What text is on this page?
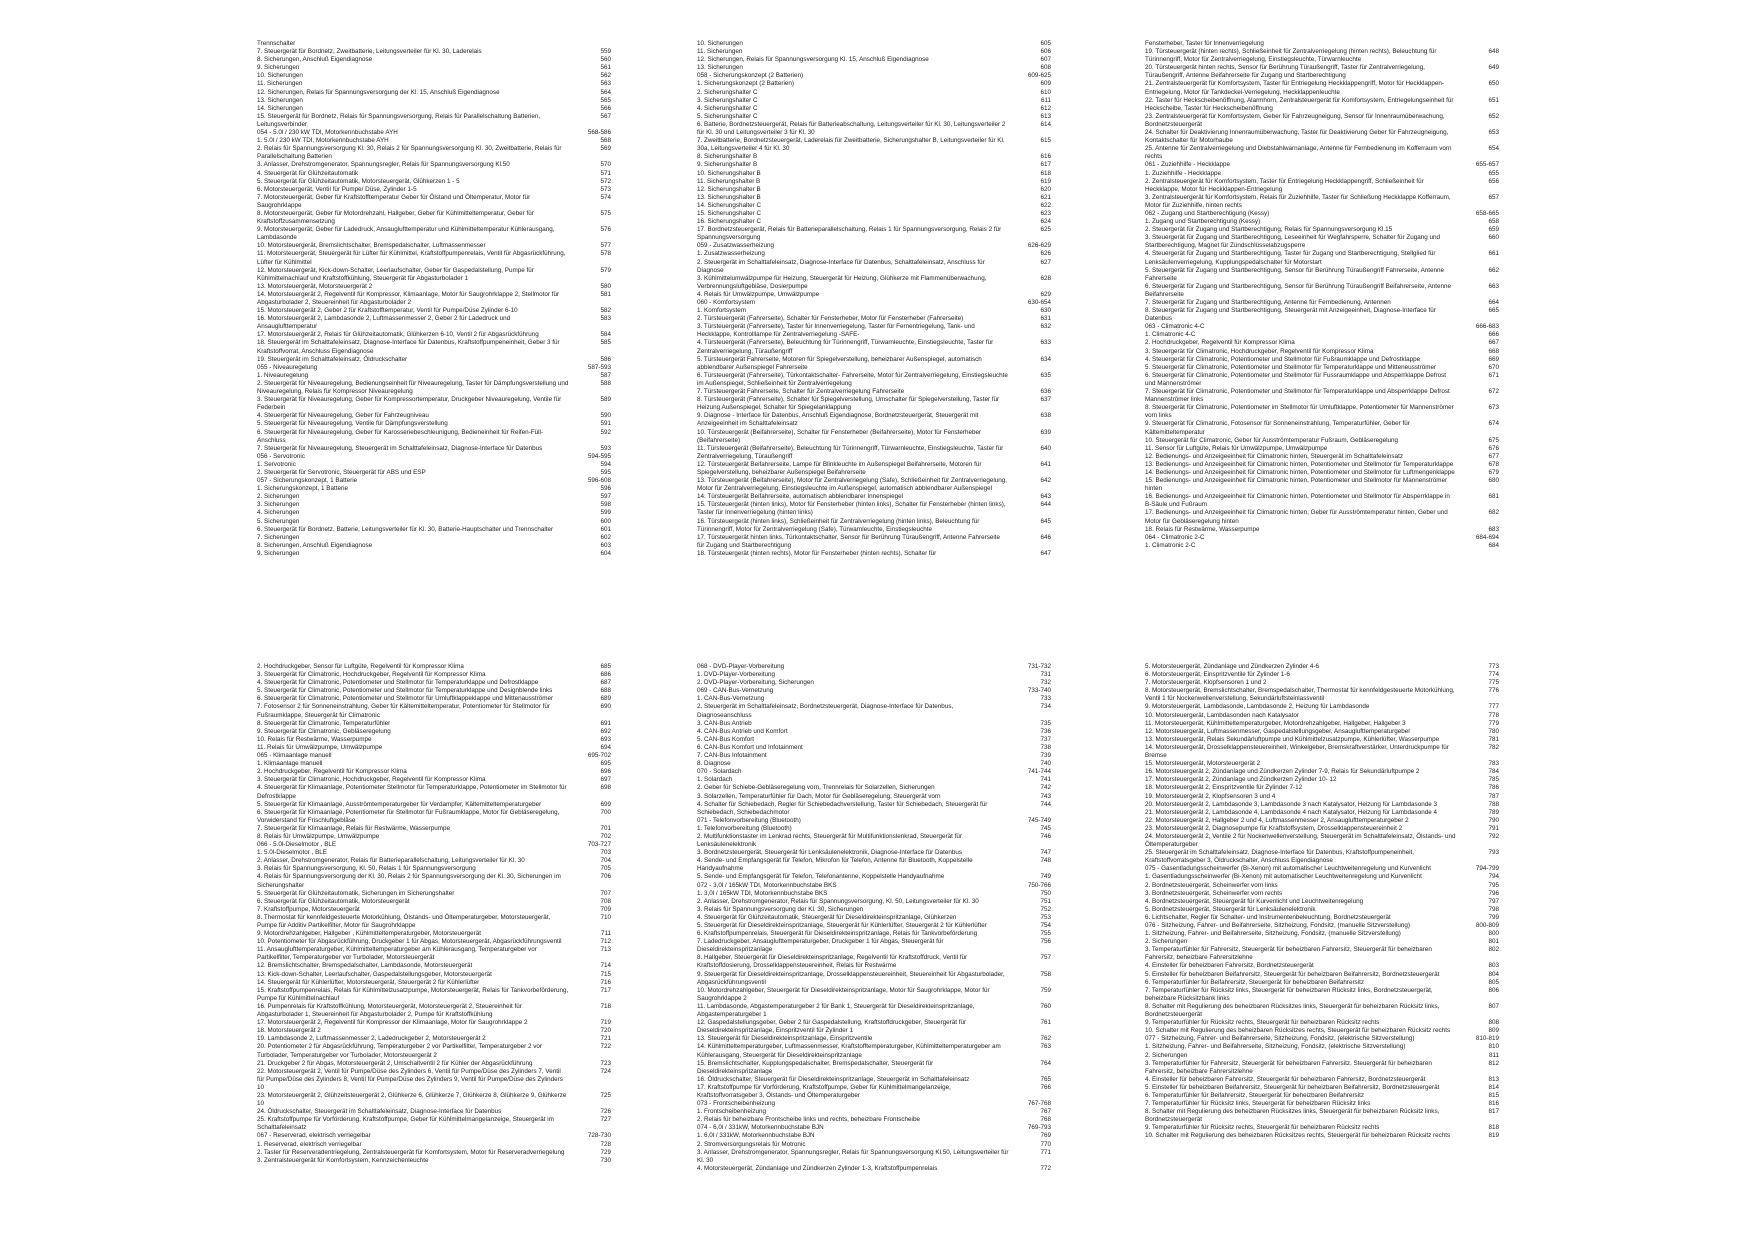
Trennschalter
7. Steuergerät für Bordnetz, Zweitbatterie, Leitungsverteiler für Kl. 30, Laderelais	559
8. Sicherungen, Anschluß Eigendiagnose	560
9. Sicherungen	561
10. Sicherungen	562
11. Sicherungen	563
12. Sicherungen, Relais für Spannungsversorgung der Kl. 15, Anschluß Eigendiagnose	564
13. Sicherungen	565
14. Sicherungen	566
15. Steuergerät für Bordnetz, Relais für Spannungsversorgung, Relais für Parallelschaltung Batterien, Leitungsverbinder
567
054 - 5.0l / 230 kW TDI, Motorkennbuchstabe AYH	568-586
1. 5.0l / 230 kW TDI, Motorkennbuchstabe AYH	568
2. Relais für Spannungsversorgung Kl. 30, Relais 2 für Spannungsversorgung Kl. 30, Zweitbatterie, Relais für Parallelschaltung Batterien
569
3. Anlasser, Drehstromgenerator, Spannungsregler, Relais für Spannungsversorgung Kl.50	570
4. Steuergerät für Glühzeitautomatik	571
5. Steuergerät für Glühzeitautomatik, Motorsteuergerät, Glühkerzen 1 - 5	572
6. Motorsteuergerät, Ventil für Pumpe/ Düse, Zylinder 1-5	573
7. Motorsteuergerät, Geber für Kraftstofftemperatur Geber für Ölstand und Öltemperatur, Motor für Saugrohrklappe
574
8. Motorsteuergerät, Geber für Motordrehzahl, Hallgeber, Geber für Kühlmitteltemperatur, Geber für Kraftstoffzusammensetzung
575
9. Motorsteuergerät, Geber für Ladedruck, Ansauglufttemperatur und Kühlmitteltemperatur Kühlerausgang, Lambdasonde
576
10. Motorsteuergerät, Bremslichtschalter, Bremspedalschalter, Luftmassenmesser	577
11. Motorsteuergerät, Steuergerät für Lüfter für Kühlmittel, Kraftstoffpumpenrelais, Ventil für Abgasrückführung, Lüfter für Kühlmittel
578
12. Motorsteuergerät, Kick-down-Schalter, Leerlaufschalter, Geber für Gaspedalstellung, Pumpe für Kühlmittelnachlauf und Kraftstoffkühlung, Steuergerät für Abgasturbolader 1
579
13. Motorsteuergerät, Motorsteuergerät 2	580
14. Motorsteuergerät 2, Regelventil für Kompressor, Klimaanlage, Motor für Saugrohrklappe 2, Stellmotor für Abgasturbolader 2, Steuereinheit für Abgasturbolader 2
581
15. Motorsteuergerät 2, Geber 2 für Kraftstofftemperatur, Ventil für Pumpe/Düse Zylinder 6-10	582
16. Motorsteuergerät 2, Lambdasonde 2, Luftmassenmesser 2, Geber 2 für Ladedruck und Ansauglufttemperatur
583
17. Motorsteuergerät 2, Relais für Glühzeitautomatik, Glühkerzen 6-10, Ventil 2 für Abgasrückführung	584
18. Steuergerät im Schalttafeleinsatz, Diagnose-Interface für Datenbus, Kraftstoffpumpeneinheit, Geber 3 für Kraftstoffvorrat, Anschluss Eigendiagnose
585
19. Steuergerät im Schalttafeleinsatz, Öldruckschalter	586
055 - Niveauregelung	587-593
1. Niveauregelung	587
2. Steuergerät für Niveauregelung, Bedienungseinheit für Niveauregelung, Taster für Dämpfungsverstellung und Niveauregelung, Relais für Kompressor Niveauregelung
588
3. Steuergerät für Niveauregelung, Geber für Kompressortemperatur, Druckgeber Niveauregelung, Ventile für Federbein
589
4. Steuergerät für Niveauregelung, Geber für Fahrzeugniveau	590
5. Steuergerät für Niveauregelung, Ventile für Dämpfungsverstellung	591
6. Steuergerät für Niveauregelung, Geber für Karosseriebeschleunigung, Bedieneinheit für Reifen-Füll-Anschluss
592
7. Steuergerät für Niveauregelung, Steuergerät im Schalttafeleinsatz, Diagnose-Interface für Datenbus	593
056 - Servotronic	594-595
1. Servotronic	594
2. Steuergerät für Servotronic, Steuergerät für ABS und ESP	595
057 - Sicherungskonzept, 1 Batterie	596-608
1. Sicherungskonzept, 1 Batterie	596
2. Sicherungen	597
3. Sicherungen	598
4. Sicherungen	599
5. Sicherungen	600
6. Steuergerät für Bordnetz, Batterie, Leitungsverteiler für Kl. 30, Batterie-Hauptschalter und Trennschalter	601
7. Sicherungen	602
8. Sicherungen, Anschluß Eigendiagnose	603
9. Sicherungen	604
10. Sicherungen	605
11. Sicherungen	606
12. Sicherungen, Relais für Spannungsversorgung Kl. 15, Anschluß Eigendiagnose	607
13. Sicherungen	608
058 - Sicherungskonzept (2 Batterien)	609-625
1. Sicherungskonzept (2 Batterien)	609
2. Sicherungshalter C	610
3. Sicherungshalter C	611
4. Sicherungshalter C	612
5. Sicherungshalter C	613
6. Batterie, Bordnetzsteuergerät, Relais für Batterieabschaltung, Leitungsverteiler für Kl. 30, Leitungsverteiler 2 für Kl. 30 und Leitungsverteiler 3 für Kl. 30
614
7. Zweitbatterie, Bordnetzsteuergerät, Laderelais für Zweitbatterie, Sicherungshalter B, Leitungsverteiler für Kl. 30a, Leitungsverteiler 4 für Kl. 30
615
8. Sicherungshalter B	616
9. Sicherungshalter B	617
10. Sicherungshalter B	618
11. Sicherungshalter B	619
12. Sicherungshalter B	620
13. Sicherungshalter B	621
14. Sicherungshalter C	622
15. Sicherungshalter C	623
16. Sicherungshalter C	624
17. Bordnetzsteuergerät, Relais für Batterieparallelschaltung, Relais 1 für Spannungsversorgung, Relais 2 für Spannungsversorgung
625
059 - Zusatzwasserheizung	626-629
1. Zusatzwasserheizung	626
2. Steuergerät im Schalttafeleinsatz, Diagnose-Interface für Datenbus, Schalttafeleinsatz, Anschluss für Diagnose
627
3. Kühlmittelumwälzpumpe für Heizung, Steuergerät für Heizung, Glühkerze mit Flammenüberwachung, Verbrennungsluftgebläse, Dosierpumpe
628
4. Relais für Umwälzpumpe, Umwälzpumpe	629
060 - Komfortsystem	630-654
1. Komfortsystem	630
2. Türsteuergerät (Fahrerseite), Schalter für Fensterheber, Motor für Fensterheber (Fahrerseite)	631
3. Türsteuergerät (Fahrerseite), Taster für Innenverriegelung, Taster für Fernentriegelung, Tank- und Heckklappe, Kontrolllampe für Zentralverriegelung -SAFE-
632
4. Türsteuergerät (Fahrerseite), Beleuchtung für Türinnengriff, Türwarnleuchte, Einstiegsleuchte, Taster für Zentralverriegelung, Türaußengriff
633
5. Türsteuergerät Fahrerseite, Motoren für Spiegelverstellung, beheizbarer Außenspiegel, automatisch abblendbarer Außenspiegel Fahrerseite
634
6. Türsteuergerät (Fahrerseite), Türkontaktschalter- Fahrerseite, Motor für Zentralverriegelung, Einstiegsleuchte im Außenspiegel, Schließeinheit für Zentralverriegelung
635
7. Türsteuergerät Fahrerseite, Schalter für Zentralverriegelung Fahrerseite	636
8. Türsteuergerät (Fahrerseite), Schalter für Spiegelverstellung, Umschalter für Spiegelverstellung, Taster für Heizung Außenspiegel, Schalter für Spiegelanklappung
637
9. Diagnose - Interface für Datenbus, Anschluß Eigendiagnose, Bordnetzsteuergerät, Steuergerät mit Anzeigeeinheit im Schalttafeleinsatz
638
10. Türsteuergerät (Beifahrerseite), Schalter für Fensterheber (Beifahrerseite), Motor für Fensterheber (Beifahrerseite)
639
11. Türsteuergerät (Beifahrerseite), Beleuchtung für Türinnengriff, Türwarnleuchte, Einstiegsleuchte, Taster für Zentralverriegelung, Türaußengriff
640
12. Türsteuergerät Beifahrerseite, Lampe für Blinkleuchte im Außenspiegel Beifahrerseite, Motoren für Spiegelverstellung, beheizbarer Außenspiegel Beifahrerseite
641
13. Türsteuergerät (Beifahrerseite), Motor für Zentralverriegelung (Safe), Schließeinheit für Zentralverriegelung, Motor für Zentralverriegelung, Einstiegsleuchte im Außenspiegel, automatisch abblendbarer Außenspiegel
642
14. Türsteuergerät Beifahrerseite, automatisch abblendbarer Innenspiegel	643
15. Türsteuergerät (hinten links), Motor für Fensterheber (hinten links), Schalter für Fensterheber (hinten links), Taster für Innenverriegelung (hinten links)
644
16. Türsteuergerät (hinten links), Schließeinheit für Zentralverriegelung (hinten links), Beleuchtung für Türinnengriff, Motor für Zentralverriegelung (Safe), Türwarnleuchte, Einstiegsleuchte
645
17. Türsteuergerät hinten links, Türkontaktschalter, Sensor für Berührung Türaußengriff, Antenne Fahrerseite für Zugang und Startberechtigung
646
18. Türsteuergerät (hinten rechts), Motor für Fensterheber (hinten rechts), Schalter für	647
Fensterheber, Taster für Innenverriegelung
19. Türsteuergerät (hinten rechts), Schließeinheit für Zentralverriegelung (hinten rechts), Beleuchtung für Türinnengriff, Motor für Zentralverriegelung, Einstiegsleuchte, Türwarnleuchte
648
20. Türsteuergerät hinten rechts, Sensor für Berührung Türaußengriff, Taster für Zentralverriegelung, Türaußengriff, Antenne Beifahrerseite für Zugang und Startberechtigung
649
21. Zentralsteuergerät für Komfortsystem, Taster für Entriegelung Heckklappengriff, Motor für Heckklappen-Entriegelung, Motor für Tankdeckel-Verriegelung, Heckklappenleuchte
650
22. Taster für Heckscheibenöffnung, Alarmhorn, Zentralsteuergerät für Komfortsystem, Entriegelungseinheit für Heckscheibe, Taster für Heckscheibenöffnung
651
23. Zentralsteuergerät für Komfortsystem, Geber für Fahrzeugneigung, Sensor für Innenraumüberwachung, Bordnetzsteuergerät
652
24. Schalter für Deaktivierung Innenraumüberwachung, Taster für Deaktivierung Geber für Fahrzeugneigung, Kontaktschalter für Motorhaube
653
25. Antenne für Zentralverriegelung und Diebstahlwarnanlage, Antenne für Fernbedienung im Kofferraum vorn rechts
654
061 - Zuziehhilfe - Heckklappe	655-657
1. Zuziehhilfe - Heckklappe	655
2. Zentralsteuergerät für Komfortsystem, Taster für Entriegelung Heckklappengriff, Schließeinheit für Heckklappe, Motor für Heckklappen-Entriegelung
656
3. Zentralsteuergerät für Komfortsystem, Relais für Zuziehhilfe, Taster für Schließung Heckklappe Kofferraum, Motor für Zuziehhilfe, hinten rechts
657
062 - Zugang und Startberechtigung (Kessy)	658-665
1. Zugang und Startberechtigung (Kessy)	658
2. Steuergerät für Zugang und Startberechtigung, Relais für Spannungsversorgung Kl.15	659
3. Steuergerät für Zugang und Startberechtigung, Leseeinheit für Wegfahrsperre, Schalter für Zugang und Startberechtigung, Magnet für Zündschlüsselabzugsperre
660
4. Steuergerät für Zugang und Startberechtigung, Taster für Zugang und Startberechtigung, Stellglied für Lenksäulenverriegelung, Kupplungspedalschalter für Motorstart
661
5. Steuergerät für Zugang und Startberechtigung, Sensor für Berührung Türaußengriff Fahrerseite, Antenne Fahrerseite
662
6. Steuergerät für Zugang und Startberechtigung, Sensor für Berührung Türaußengriff Beifahrerseite, Antenne Beifahrerseite
663
7. Steuergerät für Zugang und Startberechtigung, Antenne für Fernbedienung, Antennen	664
8. Steuergerät für Zugang und Startberechtigung, Steuergerät mit Anzeigeeinheit, Diagnose-Interface für Datenbus
665
063 - Climatronic 4-C	666-683
1. Climatronic 4-C	666
2. Hochdruckgeber, Regelventil für Kompressor Klima	667
3. Steuergerät für Climatronic, Hochdruckgeber, Regelventil für Kompressor Klima	668
4. Steuergerät für Climatronic, Potentiometer und Stellmotor für Fußraumklappe und Defrostklappe	669
5. Steuergerät für Climatronic, Potentiometer und Stellmotor für Temperaturklappe und Mitteneusströmer	670
6. Steuergerät für Climatronic, Potentiometer und Stellmotor für Fussraumklappe und Absperrklappe Defrost und Mannenströmer
671
7. Steuergerät für Climatronic, Potentiometer und Stellmotor für Temperaturklappe und Absperrklappe Defrost Mannenströmer links
672
8. Steuergerät für Climatronic, Potentiometer im Stellmotor für Umluftklappe, Potentiometer für Mannenströmer vorn links
673
9. Steuergerät für Climatronic, Fotosensor für Sonneneinstrahlung, Temperaturfühler, Geber für Kältemitteltemperatur
674
10. Steuergerät für Climatronic, Geber für Ausströmtemperatur Fußraum, Gebläseregelung	675
11. Sensor für Luftgüte, Relais für Umwälzpumpe, Umwälzpumpe	676
12. Bedienungs- und Anzeigeeinheit für Climatronic hinten, Steuergerät im Schalttafeleinsatz	677
13. Bedienungs- und Anzeigeeinheit für Climatronic hinten, Potentiometer und Stellmotor für Temperaturklappe	678
14. Bedienungs- und Anzeigeeinheit für Climatronic hinten, Potentiometer und Stellmotor für Luftmengenklappe	679
15. Bedienungs- und Anzeigeeinheit für Climatronic hinten, Potentiometer und Stellmotor für Mannenströmer hinten
680
16. Bedienungs- und Anzeigeeinheit für Climatronic hinten, Potentiometer und Stellmotor für Absperrklappe in B-Säule und Fußraum
681
17. Bedienungs- und Anzeigeeinheit für Climatronic hinten, Geber für Ausströmtemperatur hinten, Geber und Motor für Gebläseregelung hinten
682
18. Relais für Restwärme, Wasserpumpe	683
064 - Climatronic 2-C	684-694
1. Climatronic 2-C	684
2. Hochdruckgeber, Sensor für Luftgüte, Regelventil für Kompressor Klima	685
3. Steuergerät für Climatronic, Hochdruckgeber, Regelventil für Kompressor Klima	686
4. Steuergerät für Climatronic, Potentiometer und Stellmotor für Temperaturklappe und Defrostklappe	687
5. Steuergerät für Climatronic, Potentiometer und Stellmotor für Temperaturklappe und Designblende links	688
6. Steuergerät für Climatronic, Potentiometer und Stellmotor für Umluftklappeklappe und Mittenausströmer	689
7. Fotosensor 2 für Sonneneinstrahlung, Geber für Kältemitteltemperatur, Potentiometer für Stellmotor für Fußraumklappe, Steuergerät für Climatronic
690
8. Steuergerät für Climatronic, Temperaturfühler	691
9. Steuergerät für Climatronic, Gebläseregelung	692
10. Relais für Restwärme, Wasserpumpe	693
11. Relais für Umwälzpumpe, Umwälzpumpe	694
065 - Klimaanlage manuell	695-702
1. Klimaanlage manuell	695
2. Hochdruckgeber, Regelventil für Kompressor Klima	696
3. Steuergerät für Climatronic, Hochdruckgeber, Regelventil für Kompressor Klima	697
4. Steuergerät für Klimaanlage, Potentiometer Stellmotor für Temperaturklappe, Potentiometer im Stellmotor für Defrostklappe
698
5. Steuergerät für Klimaanlage, Ausströmtemperaturgeber für Verdampfer, Kältemitteltemperaturgeber	699
6. Steuergerät für Klimaanlage, Potentiometer für Stellmotor für Fußraumklappe, Motor für Gebläseregelung, Vorwiderstand für Frischluftgebläse
700
7. Steuergerät für Klimaanlage, Relais für Restwärme, Wasserpumpe	701
8. Relais für Umwälzpumpe, Umwälzpumpe	702
066 - 5.0l-Dieselmotor , BLE	703-727
1. 5.0l-Dieselmotor , BLE	703
2. Anlasser, Drehstromgenerator, Relais für Batterieparallelschaltung, Leitungsverteiler für Kl. 30	704
3. Relais für Spannungsversorgung, Kl. 50, Relais 1 für Spannungsversorgung	705
4. Relais für Spannungsversorgung der Kl. 30, Relais 2 für Spannungsversorgung der Kl. 30, Sicherungen im Sicherungshalter
706
5. Steuergerät für Glühzeitautomatik, Sicherungen im Sicherungshalter	707
6. Steuergerät für Glühzeitautomatik, Motorsteuergerät	708
7. Kraftstoffpumpe, Motorsteuergerät	709
8. Thermostat für kennfeldgesteuerte Motorkühlung, Ölstands- und Öltemperaturgeber, Motorsteuergerät, Pumpe für Additiv Partikelfilter, Motor für Saugrohrklappe
710
9. Motordrehzahlgeber, Hallgeber , Kühlmitteltemperaturgeber, Motorsteuergerät	711
10. Potentiometer für Abgasrückführung, Druckgeber 1 für Abgas, Motorsteuergerät, Abgasrückführungsventil	712
11. Ansauglufttemperaturgeber, Kühlmitteltemperaturgeber am Kühlerausgang, Temperaturgeber vor Partikelfilter, Temperaturgeber vor Turbolader, Motorsteuergerät
713
12. Bremslichtschalter, Bremspedalschalter, Lambdasonde, Motorsteuergerät	714
13. Kick-down-Schalter, Leerlaufschalter, Gaspedalstellungsgeber, Motorsteuergerät	715
14. Steuergerät für Kühlerlüfter, Motorsteuergerät, Steuergerät 2 für Kühlerlüfter	716
15. Kraftstoffpumpenrelais, Relais für Kühlmittelzusatzpumpe, Motorsteuergerät, Relais für Tankvorbeförderung, Pumpe für Kühlmittelnachlauf
717
16. Pumpenrelais für Kraftstoffkühlung, Motorsteuergerät, Motorsteuergerät 2, Steuereinheit für Abgasturbolader 1, Steuereinheit für Abgasturbolader 2, Pumpe für Kraftstoffkühlung
718
17. Motorsteuergerät 2, Regelventil für Kompressor der Klimaanlage, Motor für Saugrohrklappe 2	719
18. Motorsteuergerät 2	720
19. Lambdasonde 2, Luftmassenmesser 2, Ladedruckgeber 2, Motorsteuergerät 2	721
20. Potentiometer 2 für Abgasrückführung, Temperaturgeber 2 vor Partikelfilter, Temperaturgeber 2 vor Turbolader, Temperaturgeber vor Turbolader, Motorsteuergerät 2
722
21. Druckgeber 2 für Abgas, Motorsteuergerät 2, Umschaltventil 2 für Kühler der Abgasrückführung	723
22. Motorsteuergerät 2, Ventil für Pumpe/Düse des Zylinders 6, Ventil für Pumpe/Düse des Zylinders 7, Ventil für Pumpe/Düse des Zylinders 8, Ventil für Pumpe/Düse des Zylinders 9, Ventil für Pumpe/Düse des Zylinders 10
724
23. Motorsteuergerät 2, Glühzeitsteuergerät 2, Glühkerze 6, Glühkerze 7, Glühkerze 8, Glühkerze 9, Glühkerze 10
725
24. Öldruckschalter, Steuergerät im Schalttafeleinsatz, Diagnose-Interface für Datenbus	726
25. Kraftstoffpumpe für Vorförderung, Kraftstoffpumpe, Geber für Kühlmittelmangelanzeige, Steuergerät im Schalttafeleinsatz
727
067 - Reserverad, elektrisch verriegelbar	728-730
1. Reserverad, elektrisch verriegelbar	728
2. Taster für Reserveradentriegelung, Zentralsteuergerät für Komfortsystem, Motor für Reserveradverriegelung	729
3. Zentralsteuergerät für Komfortsystem, Kennzeichenleuchte	730
068 - DVD-Player-Vorbereitung	731-732
1. DVD-Player-Vorbereitung	731
2. DVD-Player-Vorbereitung, Sicherungen	732
069 - CAN-Bus-Vernetzung	733-740
1. CAN-Bus-Vernetzung	733
2. Steuergerät im Schalttafeleinsatz, Bordnetzsteuergerät, Diagnose-Interface für Datenbus, Diagnoseanschluss
734
3. CAN-Bus Antrieb	735
4. CAN-Bus Antrieb und Komfort	736
5. CAN-Bus Komfort	737
6. CAN-Bus Komfort und Infotainment	738
7. CAN-Bus Infotainment	739
8. Diagnose	740
070 - Solardach	741-744
1. Solardach	741
2. Geber für Schiebe-Gebläseregelung vorn, Trennrelais für Solarzellen, Sicherungen	742
3. Solarzellen, Temperaturfühler für Dach, Motor für Gebläseregelung, Steuergerät vorn	743
4. Schalter für Schiebedach, Regler für Schiebedachverstellung, Taster für Schiebedach, Steuergerät für Schiebedach, Schiebedachmotor
744
071 - Telefonvorbereitung (Bluetooth)	745-749
1. Telefonvorbereitung (Bluetooth)	745
2. Multifunktionstaster im Lenkrad rechts, Steuergerät für Multifunktionslenkrad, Steuergerät für Lenksäulenelektronik
746
3. Bordnetzsteuergerät, Steuergerät für Lenksäulenelektronik, Diagnose-Interface für Datenbus	747
4. Sende- und Empfangsgerät für Telefon, Mikrofon für Telefon, Antenne für Bluetooth, Koppelstelle Handyaufnahme
748
5. Sende- und Empfangsgerät für Telefon, Telefonantenne, Koppelstelle Handyaufnahme	749
072 - 3,0l / 165kW TDI, Motorkennbuchstabe BKS	750-766
1. 3,0l / 165kW TDI, Motorkennbuchstabe BKS	750
2. Anlasser, Drehstromgenerator, Relais für Spannungsversorgung, Kl. 50, Leitungsverteiler für Kl. 30	751
3. Relais für Spannungsversorgung der Kl. 30, Sicherungen	752
4. Steuergerät für Glühzeitautomatik, Steuergerät für Dieseldirekteinspritzanlage, Glühkerzen	753
5. Steuergerät für Dieseldirekteinspritzanlage, Steuergerät für Kühlerlüfter, Steuergerät 2 für Kühlerlüfter	754
6. Kraftstoffpumpenrelais, Steuergerät für Dieseldirekteinspritzanlage, Relais für Tankvorbeförderung	755
7. Ladedruckgeber, Ansauglufttemperaturgeber, Druckgeber 1 für Abgas, Steuergerät für Dieseldirekteinspritzanlage
756
8. Hallgeber, Steuergerät für Dieseldirekteinspritzanlage, Regelventil für Kraftstoffdruck, Ventil für Kraftstoffdosierung, Drosselklappensteuereinheit, Relais für Restwärme
757
9. Steuergerät für Dieseldirekteinspritzanlage, Drosselklappensteuereinheit, Steuereinheit für Abgasturbolader, Abgasrückführungsventil
758
10. Motordrehzahlgeber, Steuergerät für Dieseldirekteinspritzanlage, Motor für Saugrohrklappe, Motor für Saugrohrklappe 2
759
11. Lambdasonde, Abgastemperaturgeber 2 für Bank 1, Steuergerät für Dieseldirekteinspritzanlage, Abgastemperaturgeber 1
760
12. Gaspedalstellungsgeber, Geber 2 für Gaspedalstellung, Kraftstoffdruckgeber, Steuergerät für Dieseldirekteinspritzanlage, Einspritzventil für Zylinder 1
761
13. Steuergerät für Dieseldirekteinspritzanlage, Einspritzventile	762
14. Kühlmitteltemperaturgeber, Luftmassenmesser, Kraftstofftemperaturgeber, Kühlmitteltemperaturgeber am Kühlerausgang, Steuergerät für Dieseldirekteinspritzanlage
763
15. Bremslichtschalter, Kupplungspedalschalter, Bremspedalschalter, Steuergerät für Dieseldirekteinspritzanlage
764
16. Öldruckschalter, Steuergerät für Dieseldirekteinspritzanlage, Steuergerät im Schalttafeleinsatz	765
17. Kraftstoffpumpe für Vorförderung, Kraftstoffpumpe, Geber für Kühlmittelmangelanzeige, Kraftstoffvorratsgeber 3, Ölstands- und Öltemperaturgeber
766
073 - Frontscheibenheizung	767-768
1. Frontscheibenheizung	767
2. Relais für beheizbare Frontscheibe links und rechts, beheizbare Frontscheibe	768
074 - 6,0l / 331kW, Motorkennbuchstabe BJN	769-793
1. 6,0l / 331kW, Motorkennbuchstabe BJN	769
2. Stromversorgungsrelais für Motronic	770
3. Anlasser, Drehstromgenerator, Spannungsregler, Relais für Spannungsversorgung Kl.50, Leitungsverteiler für Kl. 30
771
4. Motorsteuergerät, Zündanlage und Zündkerzen Zylinder 1-3, Kraftstoffpumpenrelais	772
5. Motorsteuergerät, Zündanlage und Zündkerzen Zylinder 4-6	773
6. Motorsteuergerät, Einspritzventile für Zylinder 1-6	774
7. Motorsteuergerät, Klopfsensoren 1 und 2	775
8. Motorsteuergerät, Bremslichtschalter, Bremspedalschalter, Thermostat für kennfeldgesteuerte Motorkühlung, Ventil 1 für Nockenwellenverstellung, Sekundärluftsteinlassventil
776
9. Motorsteuergerät, Lambdasonde, Lambdasonde 2, Heizung für Lambdasonde	777
10. Motorsteuergerät, Lambdasonden nach Katalysator	778
11. Motorsteuergerät, Kühlmitteltemperaturgeber, Motordrehzahlgeber, Hallgeber, Hallgeber 3	779
12. Motorsteuergerät, Luftmassenmesser, Gaspedalstellungsgeber, Ansauglufttemperaturgeber	780
13. Motorsteuergerät, Relais Sekundärluftpumpe und Kühlmittelzusatzpumpe, Kühlerlüfter, Wasserpumpe	781
14. Motorsteuergerät, Drosselklappensteuereinheit, Winkelgeber, Bremskraftverstärker, Unterdruckpumpe für Bremse
782
15. Motorsteuergerät, Motorsteuergerät 2	783
16. Motorsteuergerät 2, Zündanlage und Zündkerzen Zylinder 7-9, Relais für Sekundärluftpumpe 2	784
17. Motorsteuergerät 2, Zündanlage und Zündkerzen Zylinder 10- 12	785
18. Motorsteuergerät 2, Einspritzventile für Zylinder 7-12	786
19. Motorsteuergerät 2, Klopfsensoren 3 und 4	787
20. Motorsteuergerät 2, Lambdasonde 3, Lambdasonde 3 nach Katalysator, Heizung für Lambdasonde 3	788
21. Motorsteuergerät 2, Lambdasonde 4, Lambdasonde 4 nach Katalysator, Heizung für Lambdasonde 4	789
22. Motorsteuergerät 2, Hallgeber 2 und 4, Luftmassenmesser 2, Ansauglufttemperaturgeber 2	790
23. Motorsteuergerät 2, Diagnosepumpe für Kraftstoffsystem, Drosselklappensteuereinheit 2	791
24. Motorsteuergerät 2, Ventile 2 für Nockenwellenverstellung, Steuergerät im Schalttafeleinsatz, Ölstands- und Öltemperaturgeber
792
25. Steuergerät im Schalttafeleinsatz, Diagnose-Interface für Datenbus, Kraftstoffpumpeneinheit, Kraftstoffvorratsgeber 3, Öldruckschalter, Anschluss Eigendiagnose
793
075 - Gasentladungsscheinwerfer (Bi-Xenon) mit automatischer Leuchtweitenregelung und Kurvenlicht	794-799
1. Gasentladungsscheinwerfer (Bi-Xenon) mit automatischer Leuchtweitenregelung und Kurvenlicht	794
2. Bordnetzsteuergerät, Scheinwerfer vorn links	795
3. Bordnetzsteuergerät, Scheinwerfer vorn rechts	796
4. Bordnetzsteuergerät, Steuergerät für Kurvenlicht und Leuchtweitenregelung	797
5. Bordnetzsteuergerät, Steuergerät für Lenksäulenelektronik	798
6. Lichtschalter, Regler für Schalter- und Instrumentenbeleuchtung, Bordnetzsteuergerät	799
076 - Sitzheizung, Fahrer- und Beifahrerseite, Sitzheizung, Fondsitz, (manuelle Sitzverstellung)	800-809
1. Sitzheizung, Fahrer- und Beifahrerseite, Sitzheizung, Fondsitz, (manuelle Sitzverstellung)	800
2. Sicherungen	801
3. Temperaturfühler für Fahrersitz, Steuergerät für beheizbaren Fahrersitz, Steuergerät für beheizbaren Fahrersitz, beheizbare Fahrersitzlehne
802
4. Einsteller für beheizbaren Fahrersitz, Bordnetzsteuergerät	803
5. Einsteller für beheizbaren Beifahrersitz, Steuergerät für beheizbaren Beifahrersitz, Bordnetzsteuergerät	804
6. Temperaturfühler für Beifahrersitz, Steuergerät für beheizbaren Beifahrersitz	805
7. Temperaturfühler für Rücksitz links, Steuergerät für beheizbaren Rücksitz links, Bordnetzsteuergerät, beheizbare Rücksitzbank links
806
8. Schalter mit Regulierung des beheizbaren Rücksitzes links, Steuergerät für beheizbaren Rücksitz links, Bordnetzsteuergerät
807
9. Temperaturfühler für Rücksitz rechts, Steuergerät für beheizbaren Rücksitz rechts	808
10. Schalter mit Regulierung des beheizbaren Rücksitzes rechts, Steuergerät für beheizbaren Rücksitz rechts	809
077 - Sitzheizung, Fahrer- und Beifahrerseite, Sitzheizung, Fondsitz, (elektrische Sitzverstellung)	810-819
1. Sitzheizung, Fahrer- und Beifahrerseite, Sitzheizung, Fondsitz, (elektrische Sitzverstellung)	810
2. Sicherungen	811
3. Temperaturfühler für Fahrersitz, Steuergerät für beheizbaren Fahrersitz, Steuergerät für beheizbaren Fahrersitz, beheizbare Fahrersitzlehne
812
4. Einsteller für beheizbaren Fahrersitz, Steuergerät für beheizbaren Fahrersitz, Bordnetzsteuergerät	813
5. Einsteller für beheizbaren Beifahrersitz, Steuergerät für beheizbaren Beifahrersitz, Bordnetzsteuergerät	814
6. Temperaturfühler für Beifahrersitz, Steuergerät für beheizbaren Beifahrersitz	815
7. Temperaturfühler für Rücksitz links, Steuergerät für beheizbaren Rücksitz links	816
8. Schalter mit Regulierung des beheizbaren Rücksitzes links, Steuergerät für beheizbaren Rücksitz links, Bordnetzsteuergerät
817
9. Temperaturfühler für Rücksitz rechts, Steuergerät für beheizbaren Rücksitz rechts	818
10. Schalter mit Regulierung des beheizbaren Rücksitzes rechts, Steuergerät für beheizbaren Rücksitz rechts	819
